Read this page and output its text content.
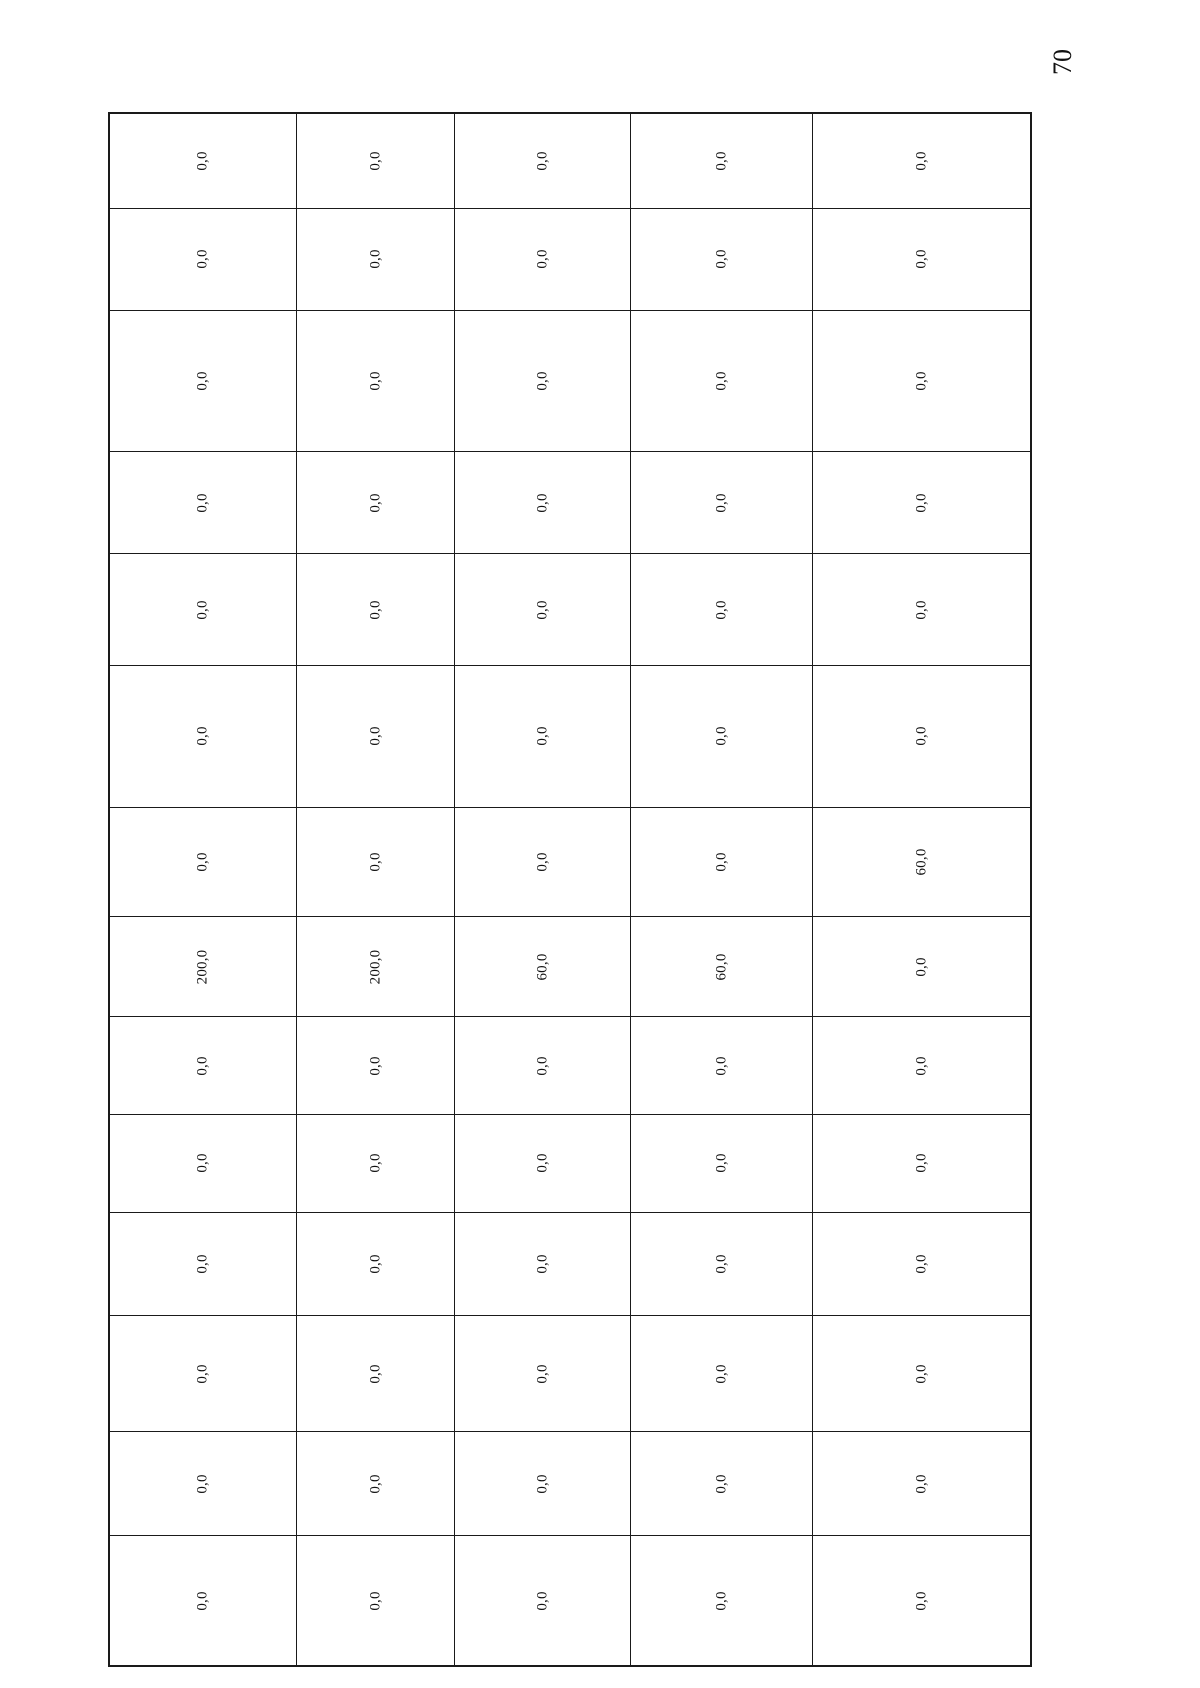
70
0,0	0,0	0,0	0,0	0,0
0,0	0,0	0,0	0,0	0,0
0,0	0,0	0,0	0,0	0,0
0,0	0,0	0,0	0,0	0,0
0,0	0,0	0,0	0,0	0,0
0,0	0,0	0,0	0,0	0,0
0,0	0,0	0,0	0,0	60,0
200,0	200,0	60,0	60,0	0,0
0,0	0,0	0,0	0,0	0,0
0,0	0,0	0,0	0,0	0,0
0,0	0,0	0,0	0,0	0,0
0,0	0,0	0,0	0,0	0,0
0,0	0,0	0,0	0,0	0,0
0,0	0,0	0,0	0,0	0,0
